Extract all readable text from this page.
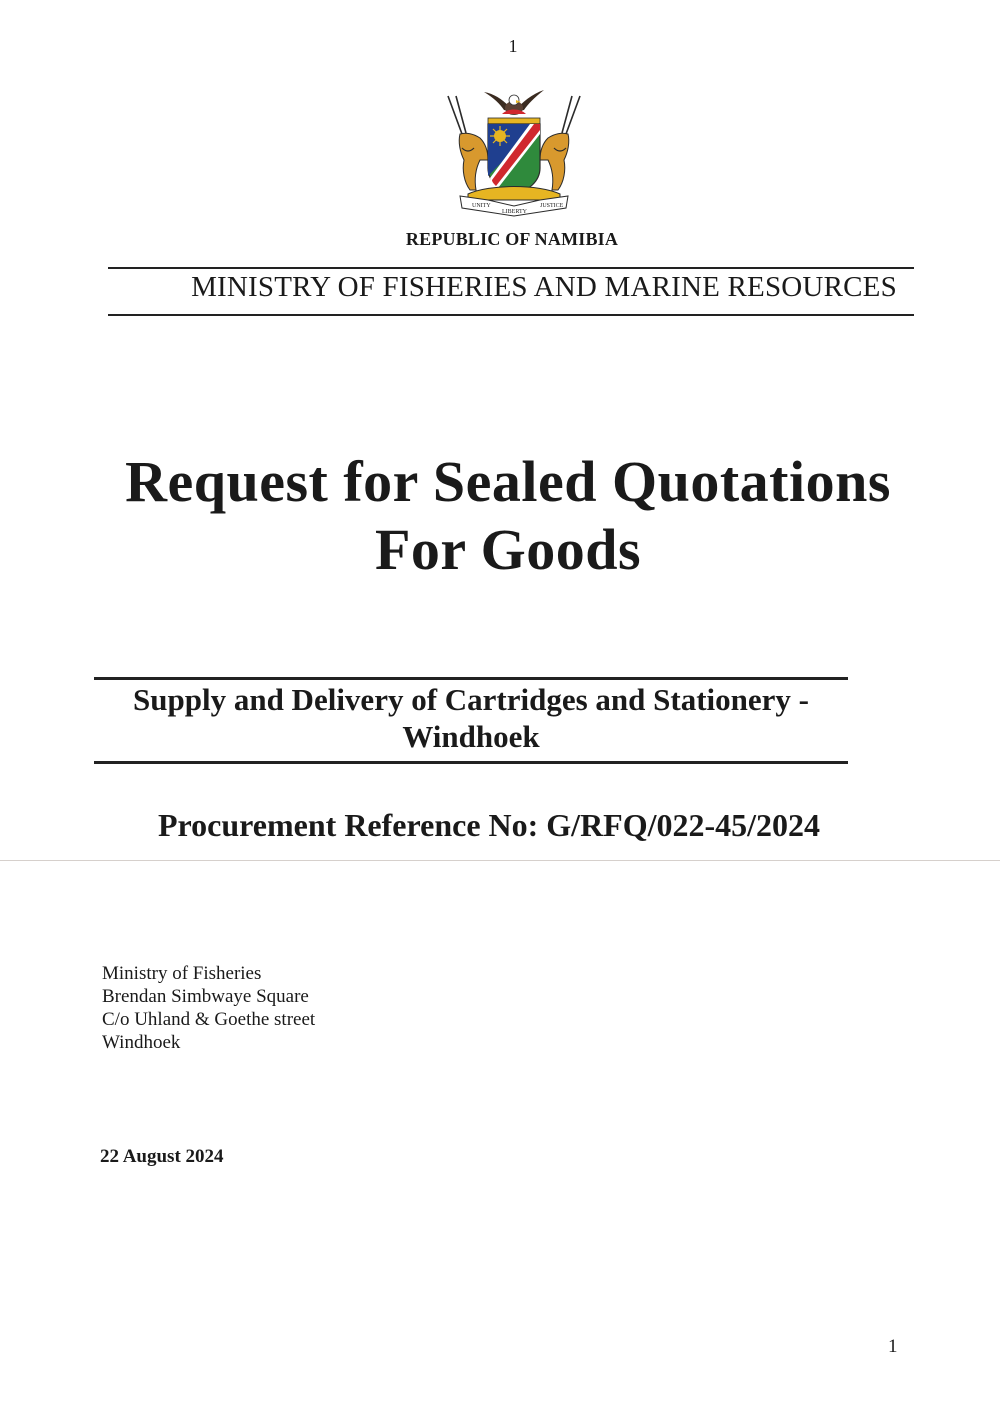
1
UNITY
LIBERTY
JUSTICE
REPUBLIC OF NAMIBIA
MINISTRY OF FISHERIES AND MARINE RESOURCES
Request for Sealed Quotations
For Goods
Supply and Delivery of Cartridges and Stationery -
Windhoek
Procurement Reference No: G/RFQ/022-45/2024
Ministry of Fisheries
Brendan Simbwaye Square
C/o Uhland & Goethe street
Windhoek
22 August 2024
1
